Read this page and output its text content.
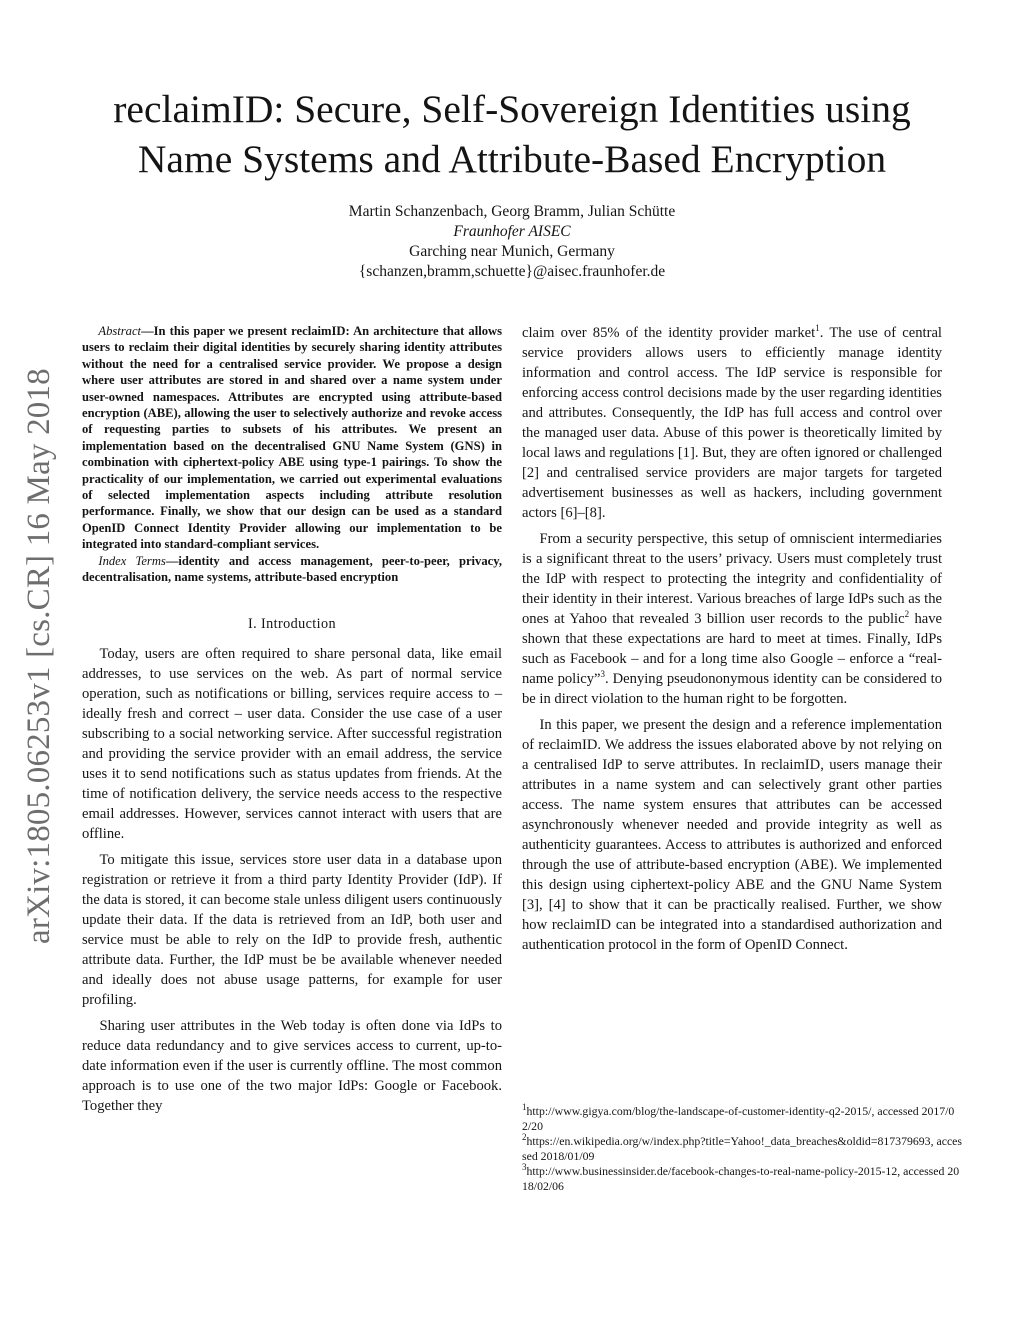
arXiv:1805.06253v1 [cs.CR] 16 May 2018
reclaimID: Secure, Self-Sovereign Identities using
Name Systems and Attribute-Based Encryption
Martin Schanzenbach, Georg Bramm, Julian Schütte
Fraunhofer AISEC
Garching near Munich, Germany
{schanzen,bramm,schuette}@aisec.fraunhofer.de

Abstract—In this paper we present reclaimID: An architecture that allows users to reclaim their digital identities by securely sharing identity attributes without the need for a centralised service provider. We propose a design where user attributes are stored in and shared over a name system under user-owned namespaces. Attributes are encrypted using attribute-based encryption (ABE), allowing the user to selectively authorize and revoke access of requesting parties to subsets of his attributes. We present an implementation based on the decentralised GNU Name System (GNS) in combination with ciphertext-policy ABE using type-1 pairings. To show the practicality of our implementation, we carried out experimental evaluations of selected implementation aspects including attribute resolution performance. Finally, we show that our design can be used as a standard OpenID Connect Identity Provider allowing our implementation to be integrated into standard-compliant services.

Index Terms—identity and access management, peer-to-peer, privacy, decentralisation, name systems, attribute-based encryption

I. Introduction

Today, users are often required to share personal data, like email addresses, to use services on the web. As part of normal service operation, such as notifications or billing, services require access to – ideally fresh and correct – user data. Consider the use case of a user subscribing to a social networking service. After successful registration and providing the service provider with an email address, the service uses it to send notifications such as status updates from friends. At the time of notification delivery, the service needs access to the respective email addresses. However, services cannot interact with users that are offline.

To mitigate this issue, services store user data in a database upon registration or retrieve it from a third party Identity Provider (IdP). If the data is stored, it can become stale unless diligent users continuously update their data. If the data is retrieved from an IdP, both user and service must be able to rely on the IdP to provide fresh, authentic attribute data. Further, the IdP must be be available whenever needed and ideally does not abuse usage patterns, for example for user profiling.

Sharing user attributes in the Web today is often done via IdPs to reduce data redundancy and to give services access to current, up-to-date information even if the user is currently offline. The most common approach is to use one of the two major IdPs: Google or Facebook. Together they

claim over 85% of the identity provider market$^1$. The use of central service providers allows users to efficiently manage identity information and control access. The IdP service is responsible for enforcing access control decisions made by the user regarding identities and attributes. Consequently, the IdP has full access and control over the managed user data. Abuse of this power is theoretically limited by local laws and regulations [1]. But, they are often ignored or challenged [2] and centralised service providers are major targets for targeted advertisement businesses as well as hackers, including government actors [6]–[8].

From a security perspective, this setup of omniscient intermediaries is a significant threat to the users’ privacy. Users must completely trust the IdP with respect to protecting the integrity and confidentiality of their identity in their interest. Various breaches of large IdPs such as the ones at Yahoo that revealed 3 billion user records to the public$^2$ have shown that these expectations are hard to meet at times. Finally, IdPs such as Facebook – and for a long time also Google – enforce a “real-name policy”$^3$. Denying pseudononymous identity can be considered to be in direct violation to the human right to be forgotten.

In this paper, we present the design and a reference implementation of reclaimID. We address the issues elaborated above by not relying on a centralised IdP to serve attributes. In reclaimID, users manage their attributes in a name system and can selectively grant other parties access. The name system ensures that attributes can be accessed asynchronously whenever needed and provide integrity as well as authenticity guarantees. Access to attributes is authorized and enforced through the use of attribute-based encryption (ABE). We implemented this design using ciphertext-policy ABE and the GNU Name System [3], [4] to show that it can be practically realised. Further, we show how reclaimID can be integrated into a standardised authorization and authentication protocol in the form of OpenID Connect.

$^1$http://www.gigya.com/blog/the-landscape-of-customer-identity-q2-2015/, accessed 2017/02/20
$^2$https://en.wikipedia.org/w/index.php?title=Yahoo!_data_breaches&oldid=817379693, accessed 2018/01/09
$^3$http://www.businessinsider.de/facebook-changes-to-real-name-policy-2015-12, accessed 2018/02/06
